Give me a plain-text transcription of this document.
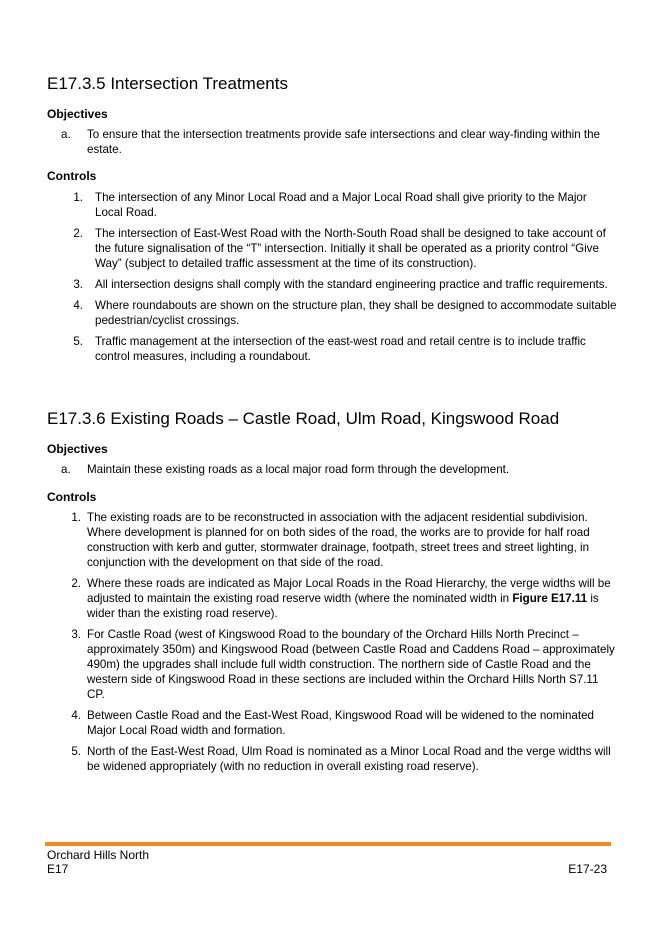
E17.3.5 Intersection Treatments

Objectives

a.	To ensure that the intersection treatments provide safe intersections and clear way-finding within the estate.

Controls

1. The intersection of any Minor Local Road and a Major Local Road shall give priority to the Major Local Road.
2. The intersection of East-West Road with the North-South Road shall be designed to take account of the future signalisation of the “T” intersection. Initially it shall be operated as a priority control “Give Way” (subject to detailed traffic assessment at the time of its construction).
3. All intersection designs shall comply with the standard engineering practice and traffic requirements.
4. Where roundabouts are shown on the structure plan, they shall be designed to accommodate suitable pedestrian/cyclist crossings.
5. Traffic management at the intersection of the east-west road and retail centre is to include traffic control measures, including a roundabout.
E17.3.6 Existing Roads – Castle Road, Ulm Road, Kingswood Road

Objectives

a.	Maintain these existing roads as a local major road form through the development.

Controls

1. The existing roads are to be reconstructed in association with the adjacent residential subdivision. Where development is planned for on both sides of the road, the works are to provide for half road construction with kerb and gutter, stormwater drainage, footpath, street trees and street lighting, in conjunction with the development on that side of the road.
2. Where these roads are indicated as Major Local Roads in the Road Hierarchy, the verge widths will be adjusted to maintain the existing road reserve width (where the nominated width in Figure E17.11 is wider than the existing road reserve).
3. For Castle Road (west of Kingswood Road to the boundary of the Orchard Hills North Precinct – approximately 350m) and Kingswood Road (between Castle Road and Caddens Road – approximately 490m) the upgrades shall include full width construction. The northern side of Castle Road and the western side of Kingswood Road in these sections are included within the Orchard Hills North S7.11 CP.
4. Between Castle Road and the East-West Road, Kingswood Road will be widened to the nominated Major Local Road width and formation.
5. North of the East-West Road, Ulm Road is nominated as a Minor Local Road and the verge widths will be widened appropriately (with no reduction in overall existing road reserve).
Orchard Hills North
E17	E17-23
